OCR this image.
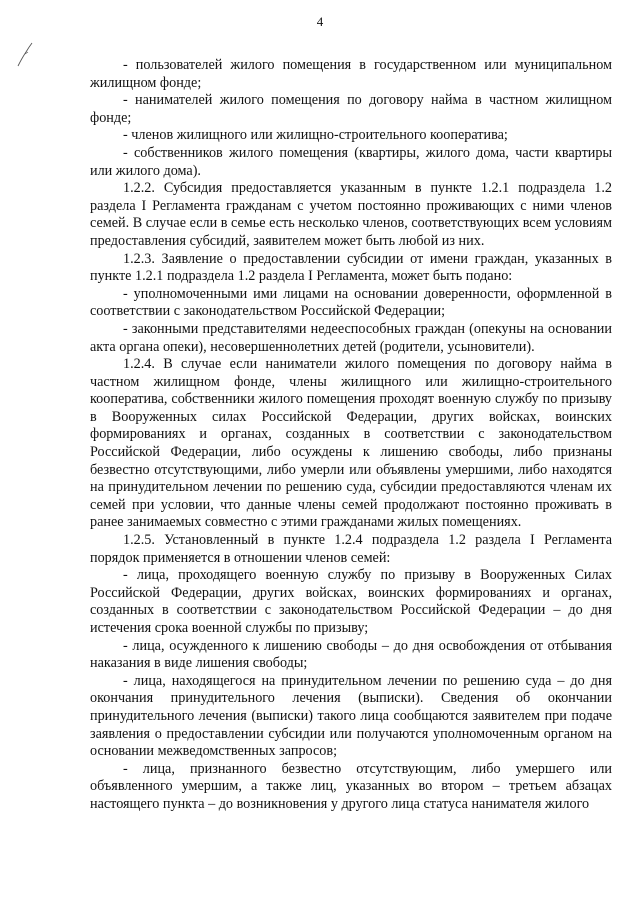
4

- пользователей жилого помещения в государственном или муниципальном жилищном фонде;

- нанимателей жилого помещения по договору найма в частном жилищном фонде;

- членов жилищного или жилищно-строительного кооператива;

- собственников жилого помещения (квартиры, жилого дома, части квартиры или жилого дома).

1.2.2. Субсидия предоставляется указанным в пункте 1.2.1 подраздела 1.2 раздела I Регламента гражданам с учетом постоянно проживающих с ними членов семей. В случае если в семье есть несколько членов, соответствующих всем условиям предоставления субсидий, заявителем может быть любой из них.

1.2.3. Заявление о предоставлении субсидии от имени граждан, указанных в пункте 1.2.1 подраздела 1.2 раздела I Регламента, может быть подано:

- уполномоченными ими лицами на основании доверенности, оформленной в соответствии с законодательством Российской Федерации;

- законными представителями недееспособных граждан (опекуны на основании акта органа опеки), несовершеннолетних детей (родители, усыновители).

1.2.4. В случае если наниматели жилого помещения по договору найма в частном жилищном фонде, члены жилищного или жилищно-строительного кооператива, собственники жилого помещения проходят военную службу по призыву в Вооруженных силах Российской Федерации, других войсках, воинских формированиях и органах, созданных в соответствии с законодательством Российской Федерации, либо осуждены к лишению свободы, либо признаны безвестно отсутствующими, либо умерли или объявлены умершими, либо находятся на принудительном лечении по решению суда, субсидии предоставляются членам их семей при условии, что данные члены семей продолжают постоянно проживать в ранее занимаемых совместно с этими гражданами жилых помещениях.

1.2.5. Установленный в пункте 1.2.4 подраздела 1.2 раздела I Регламента порядок применяется в отношении членов семей:

- лица, проходящего военную службу по призыву в Вооруженных Силах Российской Федерации, других войсках, воинских формированиях и органах, созданных в соответствии с законодательством Российской Федерации – до дня истечения срока военной службы по призыву;

- лица, осужденного к лишению свободы – до дня освобождения от отбывания наказания в виде лишения свободы;

- лица, находящегося на принудительном лечении по решению суда – до дня окончания принудительного лечения (выписки). Сведения об окончании принудительного лечения (выписки) такого лица сообщаются заявителем при подаче заявления о предоставлении субсидии или получаются уполномоченным органом на основании межведомственных запросов;

- лица, признанного безвестно отсутствующим, либо умершего или объявленного умершим, а также лиц, указанных во втором – третьем абзацах настоящего пункта – до возникновения у другого лица статуса нанимателя жилого
